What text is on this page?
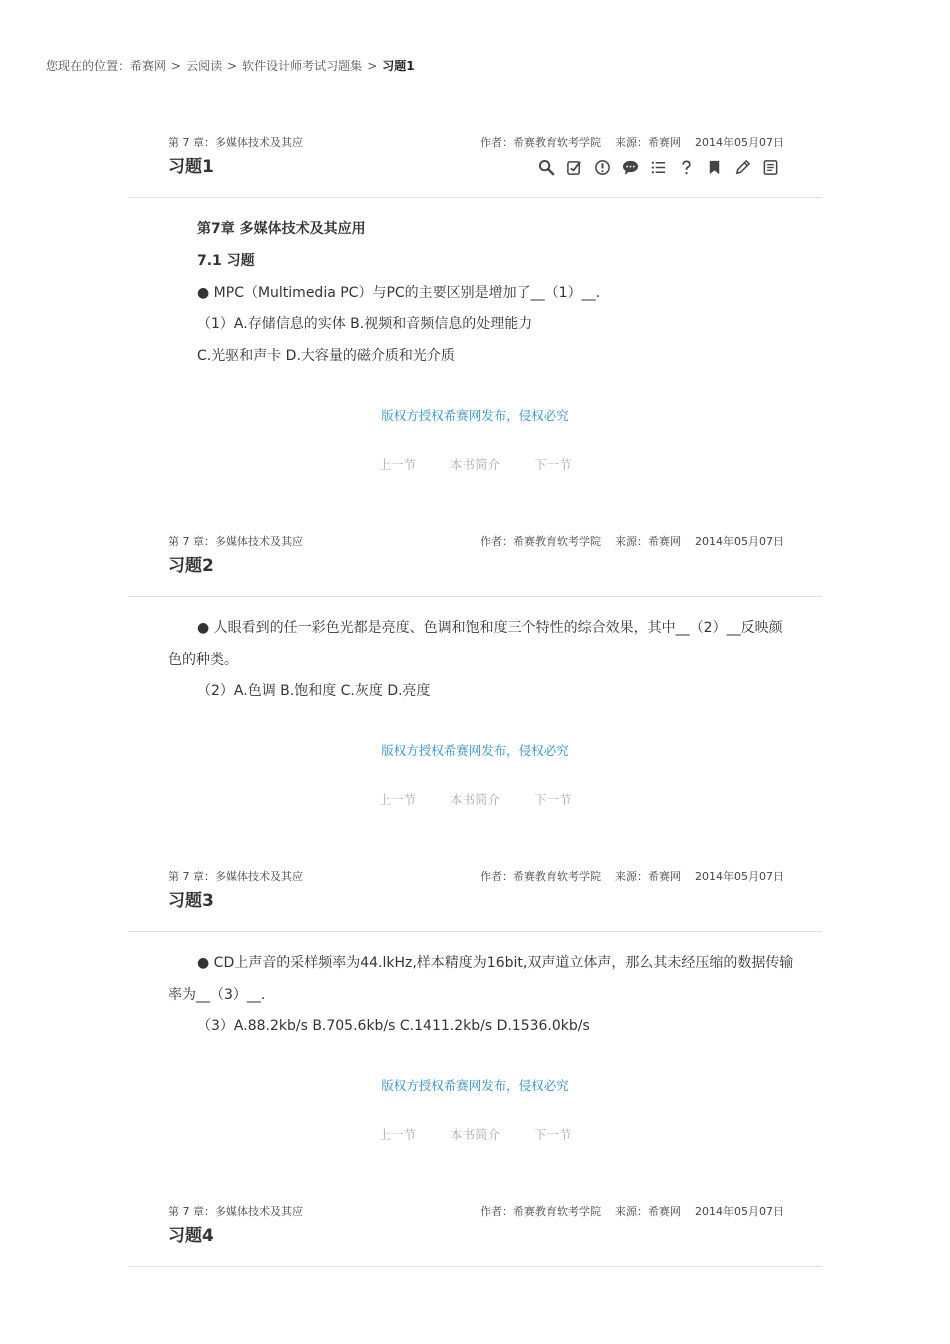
您现在的位置：希赛网 > 云阅读 > 软件设计师考试习题集 > 习题1
第 7 章：多媒体技术及其应	作者：希赛教育软考学院 来源：希赛网 2014年05月07日
习题1
第7章 多媒体技术及其应用
7.1 习题
● MPC（Multimedia PC）与PC的主要区别是增加了__（1）__.
（1）A.存储信息的实体 B.视频和音频信息的处理能力
C.光驱和声卡 D.大容量的磁介质和光介质
版权方授权希赛网发布，侵权必究
上一节	本书简介	下一节
第 7 章：多媒体技术及其应	作者：希赛教育软考学院 来源：希赛网 2014年05月07日
习题2
● 人眼看到的任一彩色光都是亮度、色调和饱和度三个特性的综合效果，其中__（2）__反映颜
色的种类。
（2）A.色调 B.饱和度 C.灰度 D.亮度
版权方授权希赛网发布，侵权必究
上一节	本书简介	下一节
第 7 章：多媒体技术及其应	作者：希赛教育软考学院 来源：希赛网 2014年05月07日
习题3
● CD上声音的采样频率为44.lkHz,样本精度为16bit,双声道立体声，那么其未经压缩的数据传输
率为__（3）__.
（3）A.88.2kb/s B.705.6kb/s C.1411.2kb/s D.1536.0kb/s
版权方授权希赛网发布，侵权必究
上一节	本书简介	下一节
第 7 章：多媒体技术及其应	作者：希赛教育软考学院 来源：希赛网 2014年05月07日
习题4
